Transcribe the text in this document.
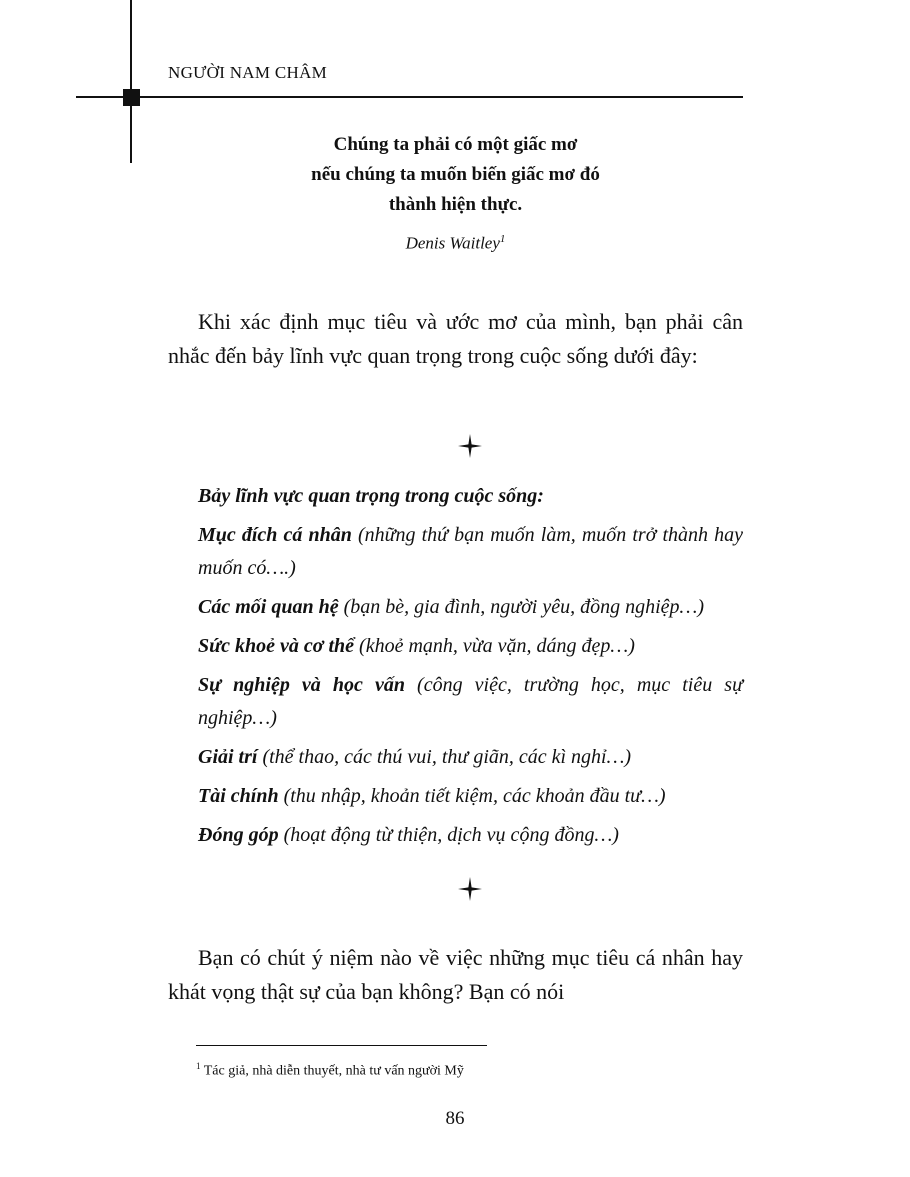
NGƯỜI NAM CHÂM
Chúng ta phải có một giấc mơ
nếu chúng ta muốn biến giấc mơ đó
thành hiện thực.
Denis Waitley$^1$

Khi xác định mục tiêu và ước mơ của mình, bạn phải cân nhắc đến bảy lĩnh vực quan trọng trong cuộc sống dưới đây:

Bảy lĩnh vực quan trọng trong cuộc sống:
Mục đích cá nhân (những thứ bạn muốn làm, muốn trở thành hay muốn có….)
Các mối quan hệ (bạn bè, gia đình, người yêu, đồng nghiệp…)
Sức khoẻ và cơ thể (khoẻ mạnh, vừa vặn, dáng đẹp…)
Sự nghiệp và học vấn (công việc, trường học, mục tiêu sự nghiệp…)
Giải trí (thể thao, các thú vui, thư giãn, các kì nghỉ…)
Tài chính (thu nhập, khoản tiết kiệm, các khoản đầu tư…)
Đóng góp (hoạt động từ thiện, dịch vụ cộng đồng…)

Bạn có chút ý niệm nào về việc những mục tiêu cá nhân hay khát vọng thật sự của bạn không? Bạn có nói

$^1$ Tác giả, nhà diễn thuyết, nhà tư vấn người Mỹ
86
